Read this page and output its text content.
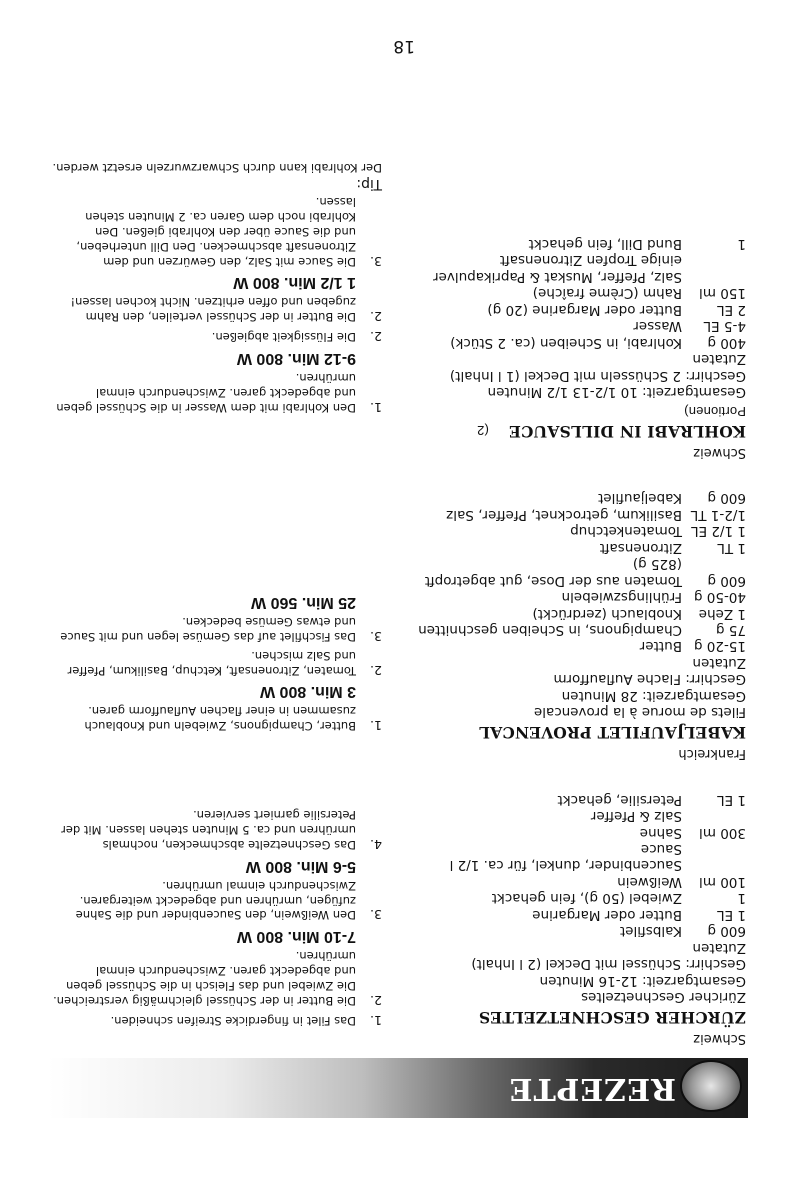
REZEPTE
Schweiz
ZÜRCHER GESCHNETZELTES
Züricher Geschnetzeltes
Gesamtgarzeit: 12-16 Minuten
Geschirr: Schüssel mit Deckel (2 l Inhalt)
Zutaten
600 g
Kalbsfilet
1 EL
Butter oder Margarine
1
Zwiebel (50 g), fein gehackt
100 ml
Weißwein
Saucenbinder, dunkel, für ca. 1/2 l Sauce
300 ml
Sahne
Salz & Pfeffer
1 EL
Petersilie, gehackt
Frankreich
KABELJAUFILET PROVENCAL
Filets de morue à la provencale
Gesamtgarzeit: 28 Minuten
Geschirr: Flache Auflaufform
Zutaten
15-20 g
Butter
75 g
Champignons, in Scheiben geschnitten
1 Zehe
Knoblauch (zerdrückt)
40-50 g
Frühlingszwiebeln
600 g
Tomaten aus der Dose, gut abgetropft (825 g)
1 TL
Zitronensaft
1 1/2 EL
Tomatenketchup
1/2-1 TL
Basilikum, getrocknet, Pfeffer, Salz
600 g
Kabeljaufilet
Schweiz
KOHLRABI IN DILLSAUCE(2 Portionen)
Gesamtgarzeit: 10 1/2-13 1/2 Minuten
Geschirr: 2 Schüsseln mit Deckel (1 l Inhalt)
Zutaten
400 g
Kohlrabi, in Scheiben (ca. 2 Stück)
4-5 EL
Wasser
2 EL
Butter oder Margarine (20 g)
150 ml
Rahm (Crème fraîche)
Salz, Pfeffer, Muskat & Paprikapulver
einige Tropfen Zitronensaft
1
Bund Dill, fein gehackt
1.
Das Filet in fingerdicke Streifen schneiden.
2.
Die Butter in der Schüssel gleichmäßig verstreichen. Die Zwiebel und das Fleisch in die Schüssel geben und abgedeckt garen. Zwischendurch einmal umrühren.
7-10 Min. 800 W
3.
Den Weißwein, den Saucenbinder und die Sahne zufügen, umrühren und abgedeckt weitergaren. Zwischendurch einmal umrühren.
5-6 Min. 800 W
4.
Das Geschnetzelte abschmecken, nochmals umrühren und ca. 5 Minuten stehen lassen. Mit der Petersilie garniert servieren.
1.
Butter, Champignons, Zwiebeln und Knoblauch zusammen in einer flachen Auflaufform garen.
3 Min. 800 W
2.
Tomaten, Zitronensaft, Ketchup, Basilikum, Pfeffer und Salz mischen.
3.
Das Fischfilet auf das Gemüse legen und mit Sauce und etwas Gemüse bedecken.
25 Min. 560 W
1.
Den Kohlrabi mit dem Wasser in die Schüssel geben und abgedeckt garen. Zwischendurch einmal umrühren.
9-12 Min. 800 W
2.
Die Flüssigkeit abgießen.
2.
Die Butter in der Schüssel verteilen, den Rahm zugeben und offen erhitzen. Nicht kochen lassen!
1 1/2 Min. 800 W
3.
Die Sauce mit Salz, den Gewürzen und dem Zitronensaft abschmecken. Den Dill unterheben, und die Sauce über den Kohlrabi gießen. Den Kohlrabi noch dem Garen ca. 2 Minuten stehen lassen.
Tip:
Der Kohlrabi kann durch Schwarzwurzeln ersetzt werden.
18
